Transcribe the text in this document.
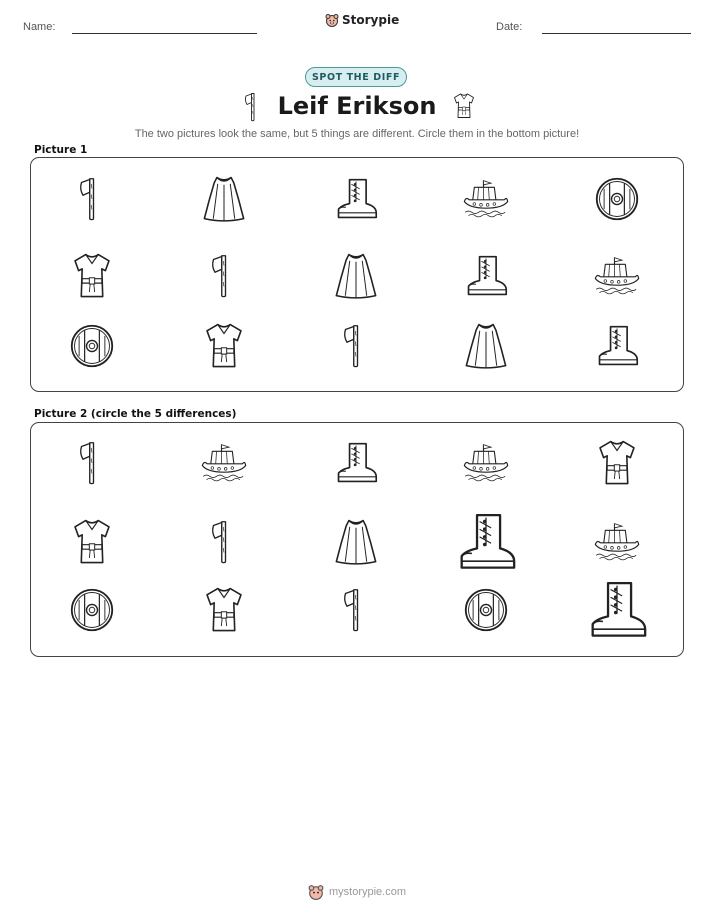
Name:	Storypie	Date:
SPOT THE DIFF
Leif Erikson
The two pictures look the same, but 5 things are different. Circle them in the bottom picture!
Picture 1
Picture 2 (circle the 5 differences)
mystorypie.com
